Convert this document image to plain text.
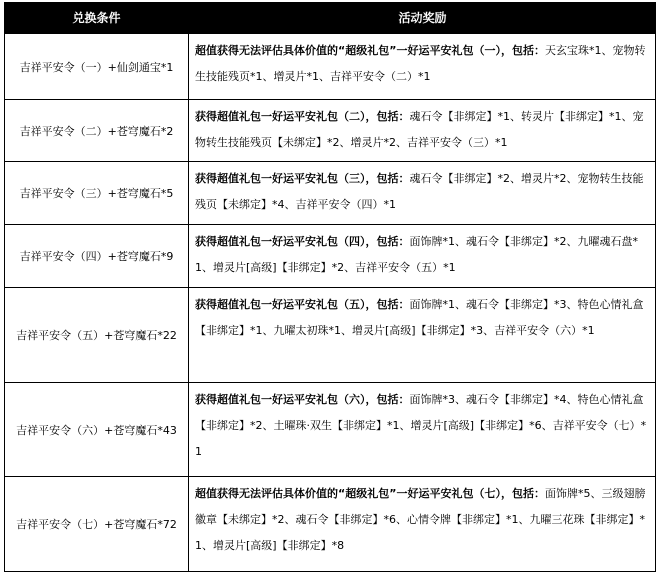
兑换条件	活动奖励
吉祥平安令（一）+仙剑通宝*1
超值获得无法评估具体价值的“超级礼包”一好运平安礼包（一），包括：天玄宝珠*1、宠物转生技能残页*1、增灵片*1、吉祥平安令（二）*1
吉祥平安令（二）+苍穹魔石*2
获得超值礼包一好运平安礼包（二），包括：魂石令【非绑定】*1、转灵片【非绑定】*1、宠物转生技能残页【未绑定】*2、增灵片*2、吉祥平安令（三）*1
吉祥平安令（三）+苍穹魔石*5
获得超值礼包一好运平安礼包（三），包括：魂石令【非绑定】*2、增灵片*2、宠物转生技能残页【未绑定】*4、吉祥平安令（四）*1
吉祥平安令（四）+苍穹魔石*9
获得超值礼包一好运平安礼包（四），包括：面饰牌*1、魂石令【非绑定】*2、九曜魂石盘*1、增灵片[高级]【非绑定】*2、吉祥平安令（五）*1
吉祥平安令（五）+苍穹魔石*22
获得超值礼包一好运平安礼包（五），包括：面饰牌*1、魂石令【非绑定】*3、特色心情礼盒【非绑定】*1、九曜太初珠*1、增灵片[高级]【非绑定】*3、吉祥平安令（六）*1
吉祥平安令（六）+苍穹魔石*43
获得超值礼包一好运平安礼包（六），包括：面饰牌*3、魂石令【非绑定】*4、特色心情礼盒【非绑定】*2、土曜珠·双生【非绑定】*1、增灵片[高级]【非绑定】*6、吉祥平安令（七）*1
吉祥平安令（七）+苍穹魔石*72
超值获得无法评估具体价值的“超级礼包”一好运平安礼包（七），包括：面饰牌*5、三级翅膀徽章【未绑定】*2、魂石令【非绑定】*6、心情令牌【非绑定】*1、九曜三花珠【非绑定】*1、增灵片[高级]【非绑定】*8
